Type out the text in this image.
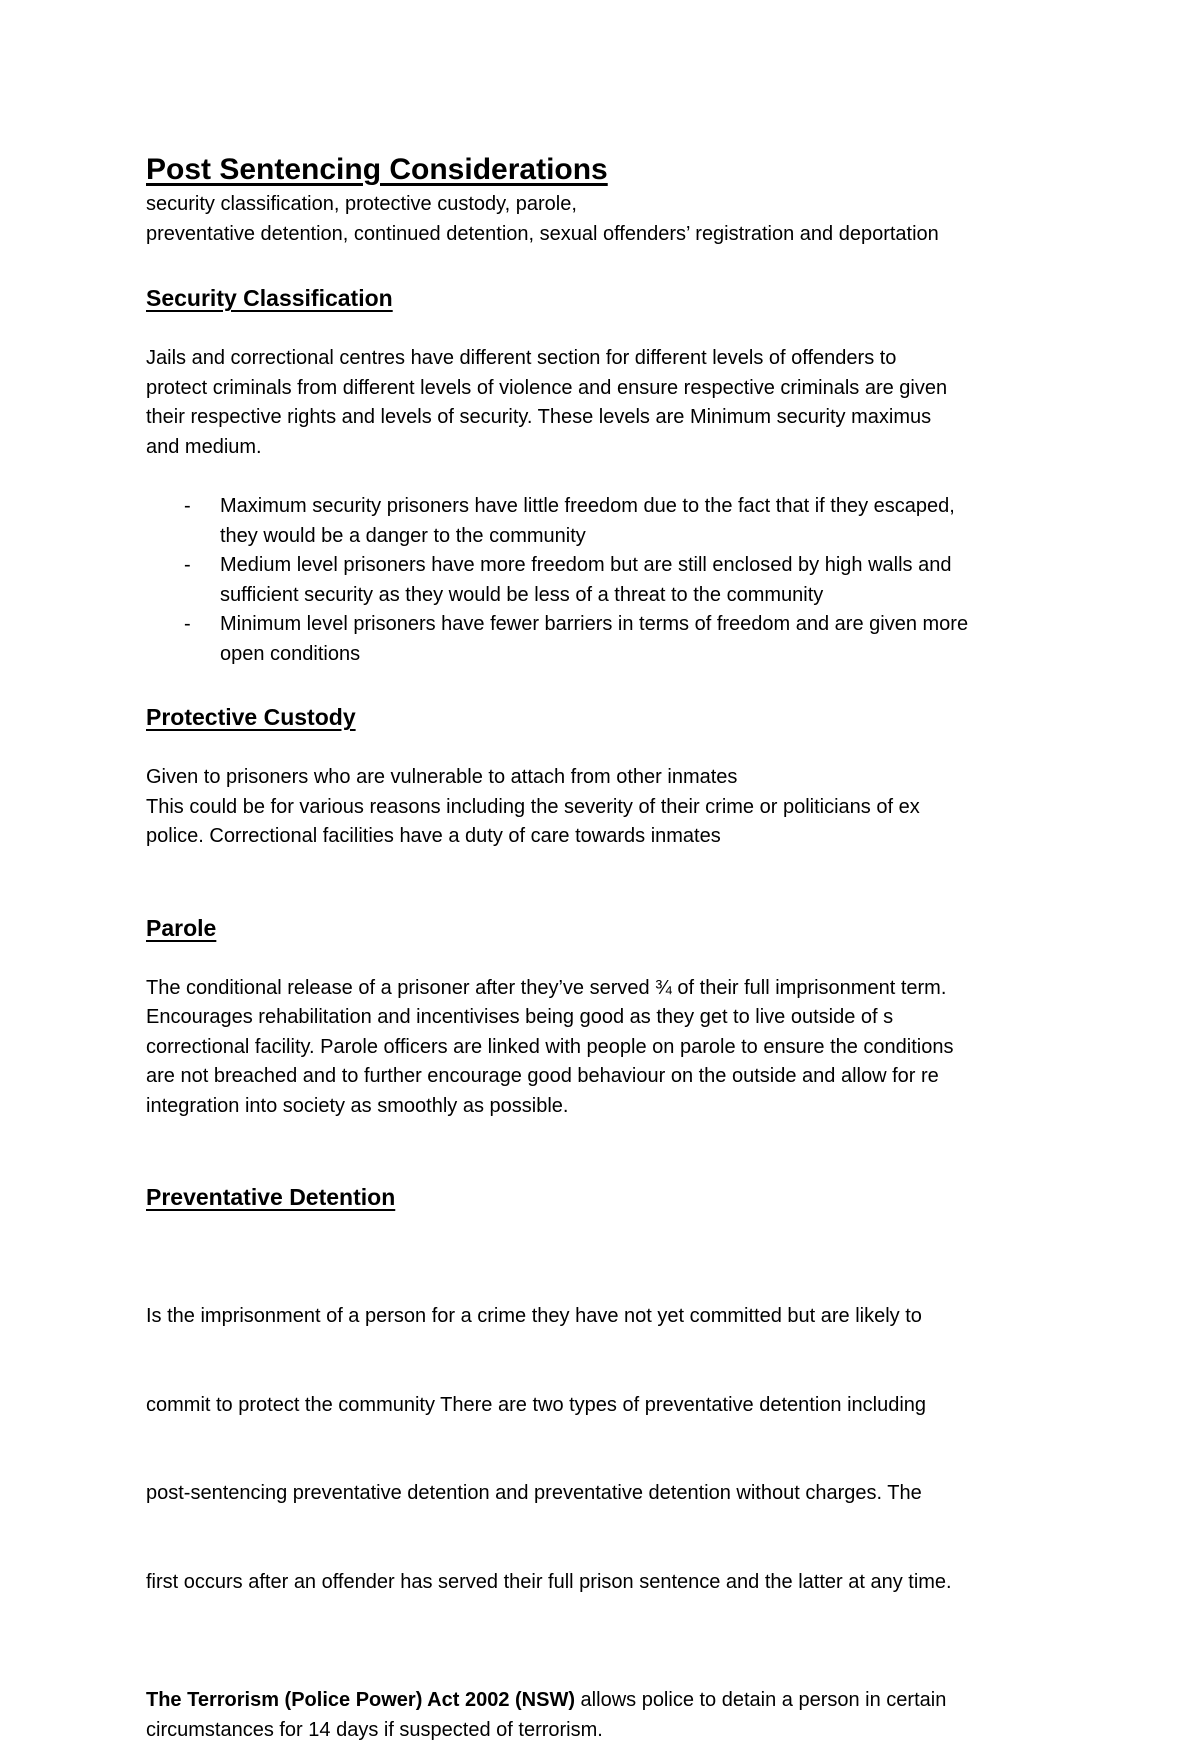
Post Sentencing Considerations

security classification, protective custody, parole,
preventative detention, continued detention, sexual offenders’ registration and deportation

Security Classification

Jails and correctional centres have different section for different levels of offenders to
protect criminals from different levels of violence and ensure respective criminals are given
their respective rights and levels of security. These levels are Minimum security maximus
and medium.

- Maximum security prisoners have little freedom due to the fact that if they escaped,
they would be a danger to the community
- Medium level prisoners have more freedom but are still enclosed by high walls and
sufficient security as they would be less of a threat to the community
- Minimum level prisoners have fewer barriers in terms of freedom and are given more
open conditions
Protective Custody

Given to prisoners who are vulnerable to attach from other inmates
This could be for various reasons including the severity of their crime or politicians of ex
police. Correctional facilities have a duty of care towards inmates

Parole

The conditional release of a prisoner after they’ve served ¾ of their full imprisonment term.
Encourages rehabilitation and incentivises being good as they get to live outside of s
correctional facility. Parole officers are linked with people on parole to ensure the conditions
are not breached and to further encourage good behaviour on the outside and allow for re
integration into society as smoothly as possible.

Preventative Detention

Is the imprisonment of a person for a crime they have not yet committed but are likely to

commit to protect the community There are two types of preventative detention including

post-sentencing preventative detention and preventative detention without charges. The

first occurs after an offender has served their full prison sentence and the latter at any time.

The Terrorism (Police Power) Act 2002 (NSW) allows police to detain a person in certain
circumstances for 14 days if suspected of terrorism.
